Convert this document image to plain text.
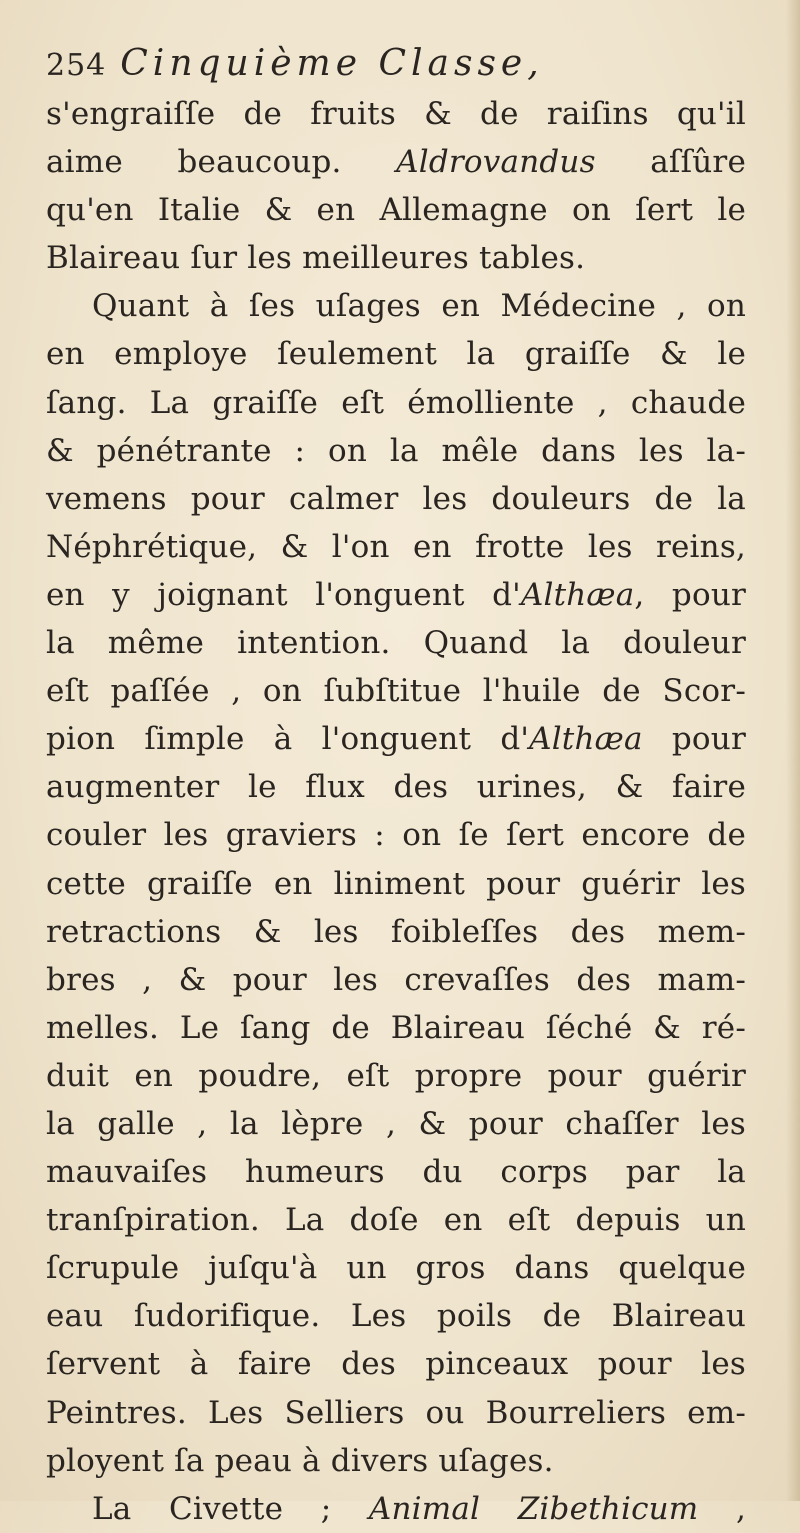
254 Cinquième Classe,
s'engraiſſe de fruits & de raiſins qu'il
aime beaucoup. Aldrovandus aſſûre
qu'en Italie & en Allemagne on ſert le
Blaireau ſur les meilleures tables.
Quant à ſes uſages en Médecine , on
en employe ſeulement la graiſſe & le
ſang. La graiſſe eſt émolliente , chaude
& pénétrante : on la mêle dans les la-
vemens pour calmer les douleurs de la
Néphrétique, & l'on en frotte les reins,
en y joignant l'onguent d'Althæa, pour
la même intention. Quand la douleur
eſt paſſée , on ſubſtitue l'huile de Scor-
pion ſimple à l'onguent d'Althæa pour
augmenter le flux des urines, & faire
couler les graviers : on ſe ſert encore de
cette graiſſe en liniment pour guérir les
retractions & les foibleſſes des mem-
bres , & pour les crevaſſes des mam-
melles. Le ſang de Blaireau ſéché & ré-
duit en poudre, eſt propre pour guérir
la galle , la lèpre , & pour chaſſer les
mauvaiſes humeurs du corps par la
tranſpiration. La doſe en eſt depuis un
ſcrupule juſqu'à un gros dans quelque
eau ſudorifique. Les poils de Blaireau
ſervent à faire des pinceaux pour les
Peintres. Les Selliers ou Bourreliers em-
ployent ſa peau à divers uſages.
La Civette ; Animal Zibethicum ,
